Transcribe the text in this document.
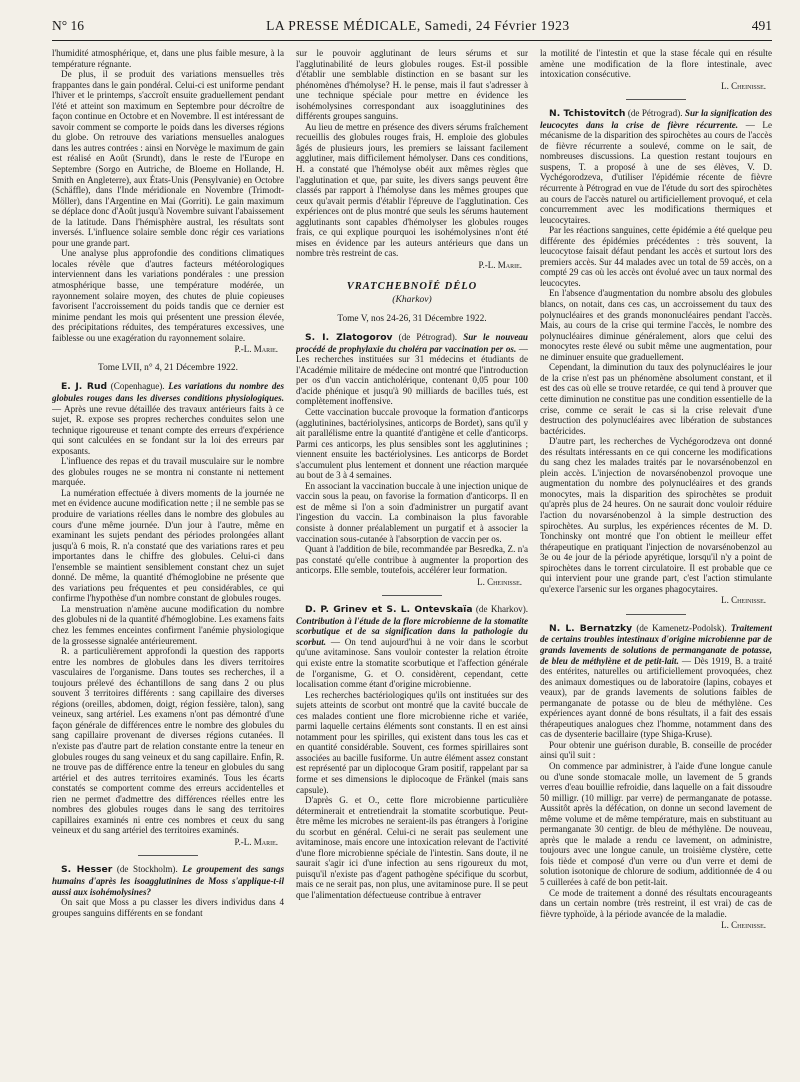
N° 16	LA PRESSE MÉDICALE, Samedi, 24 Février 1923	491

l'humidité atmosphérique, et, dans une plus faible mesure, à la température régnante.

De plus, il se produit des variations mensuelles très frappantes dans le gain pondéral. Celui-ci est uniforme pendant l'hiver et le printemps, s'accroît ensuite graduellement pendant l'été et atteint son maximum en Septembre pour décroître de façon continue en Octobre et en Novembre. Il est intéressant de savoir comment se comporte le poids dans les diverses régions du globe. On retrouve des variations mensuelles analogues dans les autres contrées : ainsi en Norvège le maximum de gain est réalisé en Août (Srundt), dans le reste de l'Europe en Septembre (Sorgo en Autriche, de Bloeme en Hollande, H. Smith en Angleterre), aux États-Unis (Pensylvanie) en Octobre (Schäffle), dans l'Inde méridionale en Novembre (Trimodt-Möller), dans l'Argentine en Mai (Gorriti). Le gain maximum se déplace donc d'Août jusqu'à Novembre suivant l'abaissement de la latitude. Dans l'hémisphère austral, les résultats sont inversés. L'influence solaire semble donc régir ces variations pour une grande part.

Une analyse plus approfondie des conditions climatiques locales révèle que d'autres facteurs météorologiques interviennent dans les variations pondérales : une pression atmosphérique basse, une température modérée, un rayonnement solaire moyen, des chutes de pluie copieuses favorisent l'accroissement du poids tandis que ce dernier est minime pendant les mois qui présentent une pression élevée, des précipitations réduites, des températures excessives, une faiblesse ou une exagération du rayonnement solaire.

P.-L. Marie.
Tome LVII, n° 4, 21 Décembre 1922.

E. J. Rud (Copenhague). Les variations du nombre des globules rouges dans les diverses conditions physiologiques. — Après une revue détaillée des travaux antérieurs faits à ce sujet, R. expose ses propres recherches conduites selon une technique rigoureuse et tenant compte des erreurs d'expérience qui sont calculées en se fondant sur la loi des erreurs par exposants.

L'influence des repas et du travail musculaire sur le nombre des globules rouges ne se montra ni constante ni nettement marquée.

La numération effectuée à divers moments de la journée ne met en évidence aucune modification nette ; il ne semble pas se produire de variations réelles dans le nombre des globules au cours d'une même journée. D'un jour à l'autre, même en examinant les sujets pendant des périodes prolongées allant jusqu'à 6 mois, R. n'a constaté que des variations rares et peu importantes dans le chiffre des globules. Celui-ci dans l'ensemble se maintient sensiblement constant chez un sujet donné. De même, la quantité d'hémoglobine ne présente que des variations peu fréquentes et peu considérables, ce qui confirme l'hypothèse d'un nombre constant de globules rouges.

La menstruation n'amène aucune modification du nombre des globules ni de la quantité d'hémoglobine. Les examens faits chez les femmes enceintes confirment l'anémie physiologique de la grossesse signalée antérieurement.

R. a particulièrement approfondi la question des rapports entre les nombres de globules dans les divers territoires vasculaires de l'organisme. Dans toutes ses recherches, il a toujours prélevé des échantillons de sang dans 2 ou plus souvent 3 territoires différents : sang capillaire des diverses régions (oreilles, abdomen, doigt, région fessière, talon), sang veineux, sang artériel. Les examens n'ont pas démontré d'une façon générale de différences entre le nombre des globules du sang capillaire provenant de diverses régions cutanées. Il n'existe pas d'autre part de relation constante entre la teneur en globules rouges du sang veineux et du sang capillaire. Enfin, R. ne trouve pas de différence entre la teneur en globules du sang artériel et des autres territoires examinés. Tous les écarts constatés se comportent comme des erreurs accidentelles et rien ne permet d'admettre des différences réelles entre les nombres des globules rouges dans le sang des territoires capillaires examinés ni entre ces nombres et ceux du sang veineux et du sang artériel des territoires examinés.

P.-L. Marie.

S. Hesser (de Stockholm). Le groupement des sangs humains d'après les isoagglutinines de Moss s'applique-t-il aussi aux isohémolysines?

On sait que Moss a pu classer les divers individus dans 4 groupes sanguins différents en se fondant

sur le pouvoir agglutinant de leurs sérums et sur l'agglutinabilité de leurs globules rouges. Est-il possible d'établir une semblable distinction en se basant sur les phénomènes d'hémolyse? H. le pense, mais il faut s'adresser à une technique spéciale pour mettre en évidence les isohémolysines correspondant aux isoagglutinines des différents groupes sanguins.

Au lieu de mettre en présence des divers sérums fraîchement recueillis des globules rouges frais, H. emploie des globules âgés de plusieurs jours, les premiers se laissant facilement agglutiner, mais difficilement hémolyser. Dans ces conditions, H. a constaté que l'hémolyse obéit aux mêmes règles que l'agglutination et que, par suite, les divers sangs peuvent être classés par rapport à l'hémolyse dans les mêmes groupes que ceux qu'avait permis d'établir l'épreuve de l'agglutination. Ces expériences ont de plus montré que seuls les sérums hautement agglutinants sont capables d'hémolyser les globules rouges frais, ce qui explique pourquoi les isohémolysines n'ont été mises en évidence par les auteurs antérieurs que dans un nombre très restreint de cas.

P.-L. Marie.
VRATCHEBNOÏÉ DÉLO
(Kharkov)
Tome V, nos 24-26, 31 Décembre 1922.

S. I. Zlatogorov (de Pétrograd). Sur le nouveau procédé de prophylaxie du choléra par vaccination per os. — Les recherches instituées sur 31 médecins et étudiants de l'Académie militaire de médecine ont montré que l'introduction per os d'un vaccin anticholérique, contenant 0,05 pour 100 d'acide phénique et jusqu'à 90 milliards de bacilles tués, est complètement inoffensive.

Cette vaccination buccale provoque la formation d'anticorps (agglutinines, bactériolysines, anticorps de Bordet), sans qu'il y ait parallélisme entre la quantité d'antigène et celle d'anticorps. Parmi ces anticorps, les plus sensibles sont les agglutinines ; viennent ensuite les bactériolysines. Les anticorps de Bordet s'accumulent plus lentement et donnent une réaction marquée au bout de 3 à 4 semaines.

En associant la vaccination buccale à une injection unique de vaccin sous la peau, on favorise la formation d'anticorps. Il en est de même si l'on a soin d'administrer un purgatif avant l'ingestion du vaccin. La combinaison la plus favorable consiste à donner préalablement un purgatif et à associer la vaccination sous-cutanée à l'absorption de vaccin per os.

Quant à l'addition de bile, recommandée par Besredka, Z. n'a pas constaté qu'elle contribue à augmenter la proportion des anticorps. Elle semble, toutefois, accélérer leur formation.

L. Cheinisse.

D. P. Grinev et S. L. Ontevskaïa (de Kharkov). Contribution à l'étude de la flore microbienne de la stomatite scorbutique et de sa signification dans la pathologie du scorbut. — On tend aujourd'hui à ne voir dans le scorbut qu'une avitaminose. Sans vouloir contester la relation étroite qui existe entre la stomatite scorbutique et l'affection générale de l'organisme, G. et O. considèrent, cependant, cette localisation comme étant d'origine microbienne.

Les recherches bactériologiques qu'ils ont instituées sur des sujets atteints de scorbut ont montré que la cavité buccale de ces malades contient une flore microbienne riche et variée, parmi laquelle certains éléments sont constants. Il en est ainsi notamment pour les spirilles, qui existent dans tous les cas et en quantité considérable. Souvent, ces formes spirillaires sont associées au bacille fusiforme. Un autre élément assez constant est représenté par un diplocoque Gram positif, rappelant par sa forme et ses dimensions le diplocoque de Fränkel (mais sans capsule).

D'après G. et O., cette flore microbienne particulière déterminerait et entretiendrait la stomatite scorbutique. Peut-être même les microbes ne seraient-ils pas étrangers à l'origine du scorbut en général. Celui-ci ne serait pas seulement une avitaminose, mais encore une intoxication relevant de l'activité d'une flore microbienne spéciale de l'intestin. Sans doute, il ne saurait s'agir ici d'une infection au sens rigoureux du mot, puisqu'il n'existe pas d'agent pathogène spécifique du scorbut, mais ce ne serait pas, non plus, une avitaminose pure. Il se peut que l'alimentation défectueuse contribue à entraver

la motilité de l'intestin et que la stase fécale qui en résulte amène une modification de la flore intestinale, avec intoxication consécutive.

L. Cheinisse.

N. Tchistovitch (de Pétrograd). Sur la signification des leucocytes dans la crise de fièvre récurrente. — Le mécanisme de la disparition des spirochètes au cours de l'accès de fièvre récurrente a soulevé, comme on le sait, de nombreuses discussions. La question restant toujours en suspens, T. a proposé à une de ses élèves, V. D. Vychégorodzeva, d'utiliser l'épidémie récente de fièvre récurrente à Pétrograd en vue de l'étude du sort des spirochètes au cours de l'accès naturel ou artificiellement provoqué, et cela concurremment avec les modifications thermiques et leucocytaires.

Par les réactions sanguines, cette épidémie a été quelque peu différente des épidémies précédentes : très souvent, la leucocytose faisait défaut pendant les accès et surtout lors des premiers accès. Sur 44 malades avec un total de 59 accès, on a compté 29 cas où les accès ont évolué avec un taux normal des leucocytes.

En l'absence d'augmentation du nombre absolu des globules blancs, on notait, dans ces cas, un accroissement du taux des polynucléaires et des grands mononucléaires pendant l'accès. Mais, au cours de la crise qui termine l'accès, le nombre des polynucléaires diminue généralement, alors que celui des monocytes reste élevé ou subit même une augmentation, pour ne diminuer ensuite que graduellement.

Cependant, la diminution du taux des polynucléaires le jour de la crise n'est pas un phénomène absolument constant, et il est des cas où elle se trouve retardée, ce qui tend à prouver que cette diminution ne constitue pas une condition essentielle de la crise, comme ce serait le cas si la crise relevait d'une destruction des polynucléaires avec libération de substances bactéricides.

D'autre part, les recherches de Vychégorodzeva ont donné des résultats intéressants en ce qui concerne les modifications du sang chez les malades traités par le novarsénobenzol en plein accès. L'injection de novarsénobenzol provoque une augmentation du nombre des polynucléaires et des grands monocytes, mais la disparition des spirochètes se produit qu'après plus de 24 heures. On ne saurait donc vouloir réduire l'action du novarsénobenzol à la simple destruction des spirochètes. Au surplus, les expériences récentes de M. D. Tonchinsky ont montré que l'on obtient le meilleur effet thérapeutique en pratiquant l'injection de novarsénobenzol au 3e ou 4e jour de la période apyrétique, lorsqu'il n'y a point de spirochètes dans le torrent circulatoire. Il est probable que ce qui intervient pour une grande part, c'est l'action stimulante qu'exerce l'arsenic sur les organes phagocytaires.

L. Cheinisse.

N. L. Bernatzky (de Kamenetz-Podolsk). Traitement de certains troubles intestinaux d'origine microbienne par de grands lavements de solutions de permanganate de potasse, de bleu de méthylène et de petit-lait. — Dès 1919, B. a traité des entérites, naturelles ou artificiellement provoquées, chez des animaux domestiques ou de laboratoire (lapins, cobayes et veaux), par de grands lavements de solutions faibles de permanganate de potasse ou de bleu de méthylène. Ces expériences ayant donné de bons résultats, il a fait des essais thérapeutiques analogues chez l'homme, notamment dans des cas de dysenterie bacillaire (type Shiga-Kruse).

Pour obtenir une guérison durable, B. conseille de procéder ainsi qu'il suit :

On commence par administrer, à l'aide d'une longue canule ou d'une sonde stomacale molle, un lavement de 5 grands verres d'eau bouillie refroidie, dans laquelle on a fait dissoudre 50 milligr. (10 milligr. par verre) de permanganate de potasse. Aussitôt après la défécation, on donne un second lavement de même volume et de même température, mais en substituant au permanganate 30 centigr. de bleu de méthylène. De nouveau, après que le malade a rendu ce lavement, on administre, toujours avec une longue canule, un troisième clystère, cette fois tiède et composé d'un verre ou d'un verre et demi de solution isotonique de chlorure de sodium, additionnée de 4 ou 5 cuillerées à café de bon petit-lait.

Ce mode de traitement a donné des résultats encourageants dans un certain nombre (très restreint, il est vrai) de cas de fièvre typhoïde, à la période avancée de la maladie.

L. Cheinisse.
